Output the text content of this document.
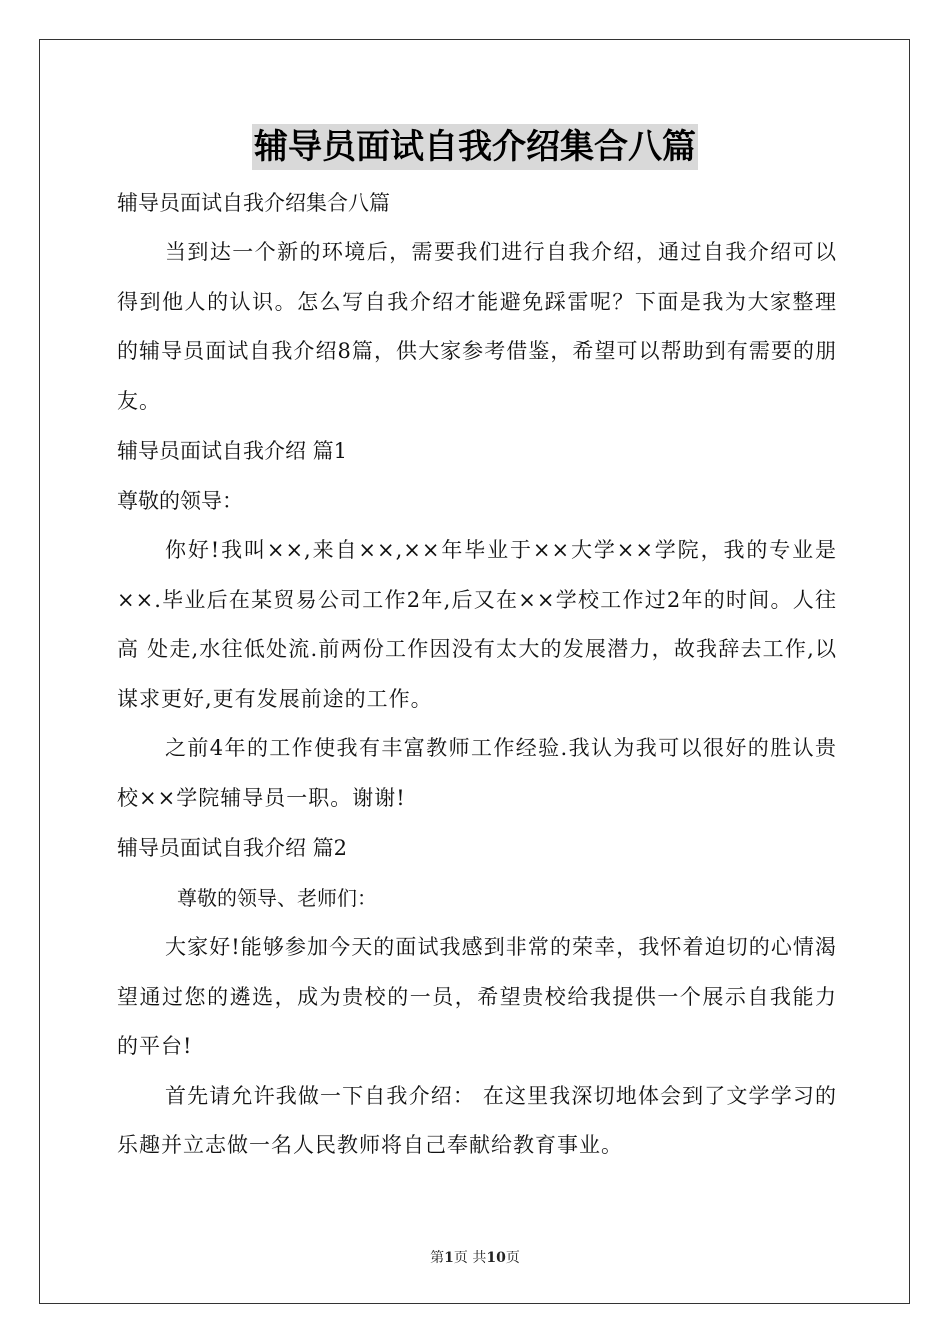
辅导员面试自我介绍集合八篇

辅导员面试自我介绍集合八篇

当到达一个新的环境后，需要我们进行自我介绍，通过自我介绍可以得到他人的认识。怎么写自我介绍才能避免踩雷呢？下面是我为大家整理的辅导员面试自我介绍8篇，供大家参考借鉴，希望可以帮助到有需要的朋友。

辅导员面试自我介绍 篇1

尊敬的领导：

你好!我叫××,来自××,××年毕业于××大学××学院，我的专业是××.毕业后在某贸易公司工作2年,后又在××学校工作过2年的时间。人往高 处走,水往低处流.前两份工作因没有太大的发展潜力，故我辞去工作,以谋求更好,更有发展前途的工作。

之前4年的工作使我有丰富教师工作经验.我认为我可以很好的胜认贵校××学院辅导员一职。谢谢!

辅导员面试自我介绍 篇2

尊敬的领导、老师们：

大家好!能够参加今天的面试我感到非常的荣幸，我怀着迫切的心情渴望通过您的遴选，成为贵校的一员，希望贵校给我提供一个展示自我能力的平台!

首先请允许我做一下自我介绍： 在这里我深切地体会到了文学学习的乐趣并立志做一名人民教师将自己奉献给教育事业。

第1页 共10页
